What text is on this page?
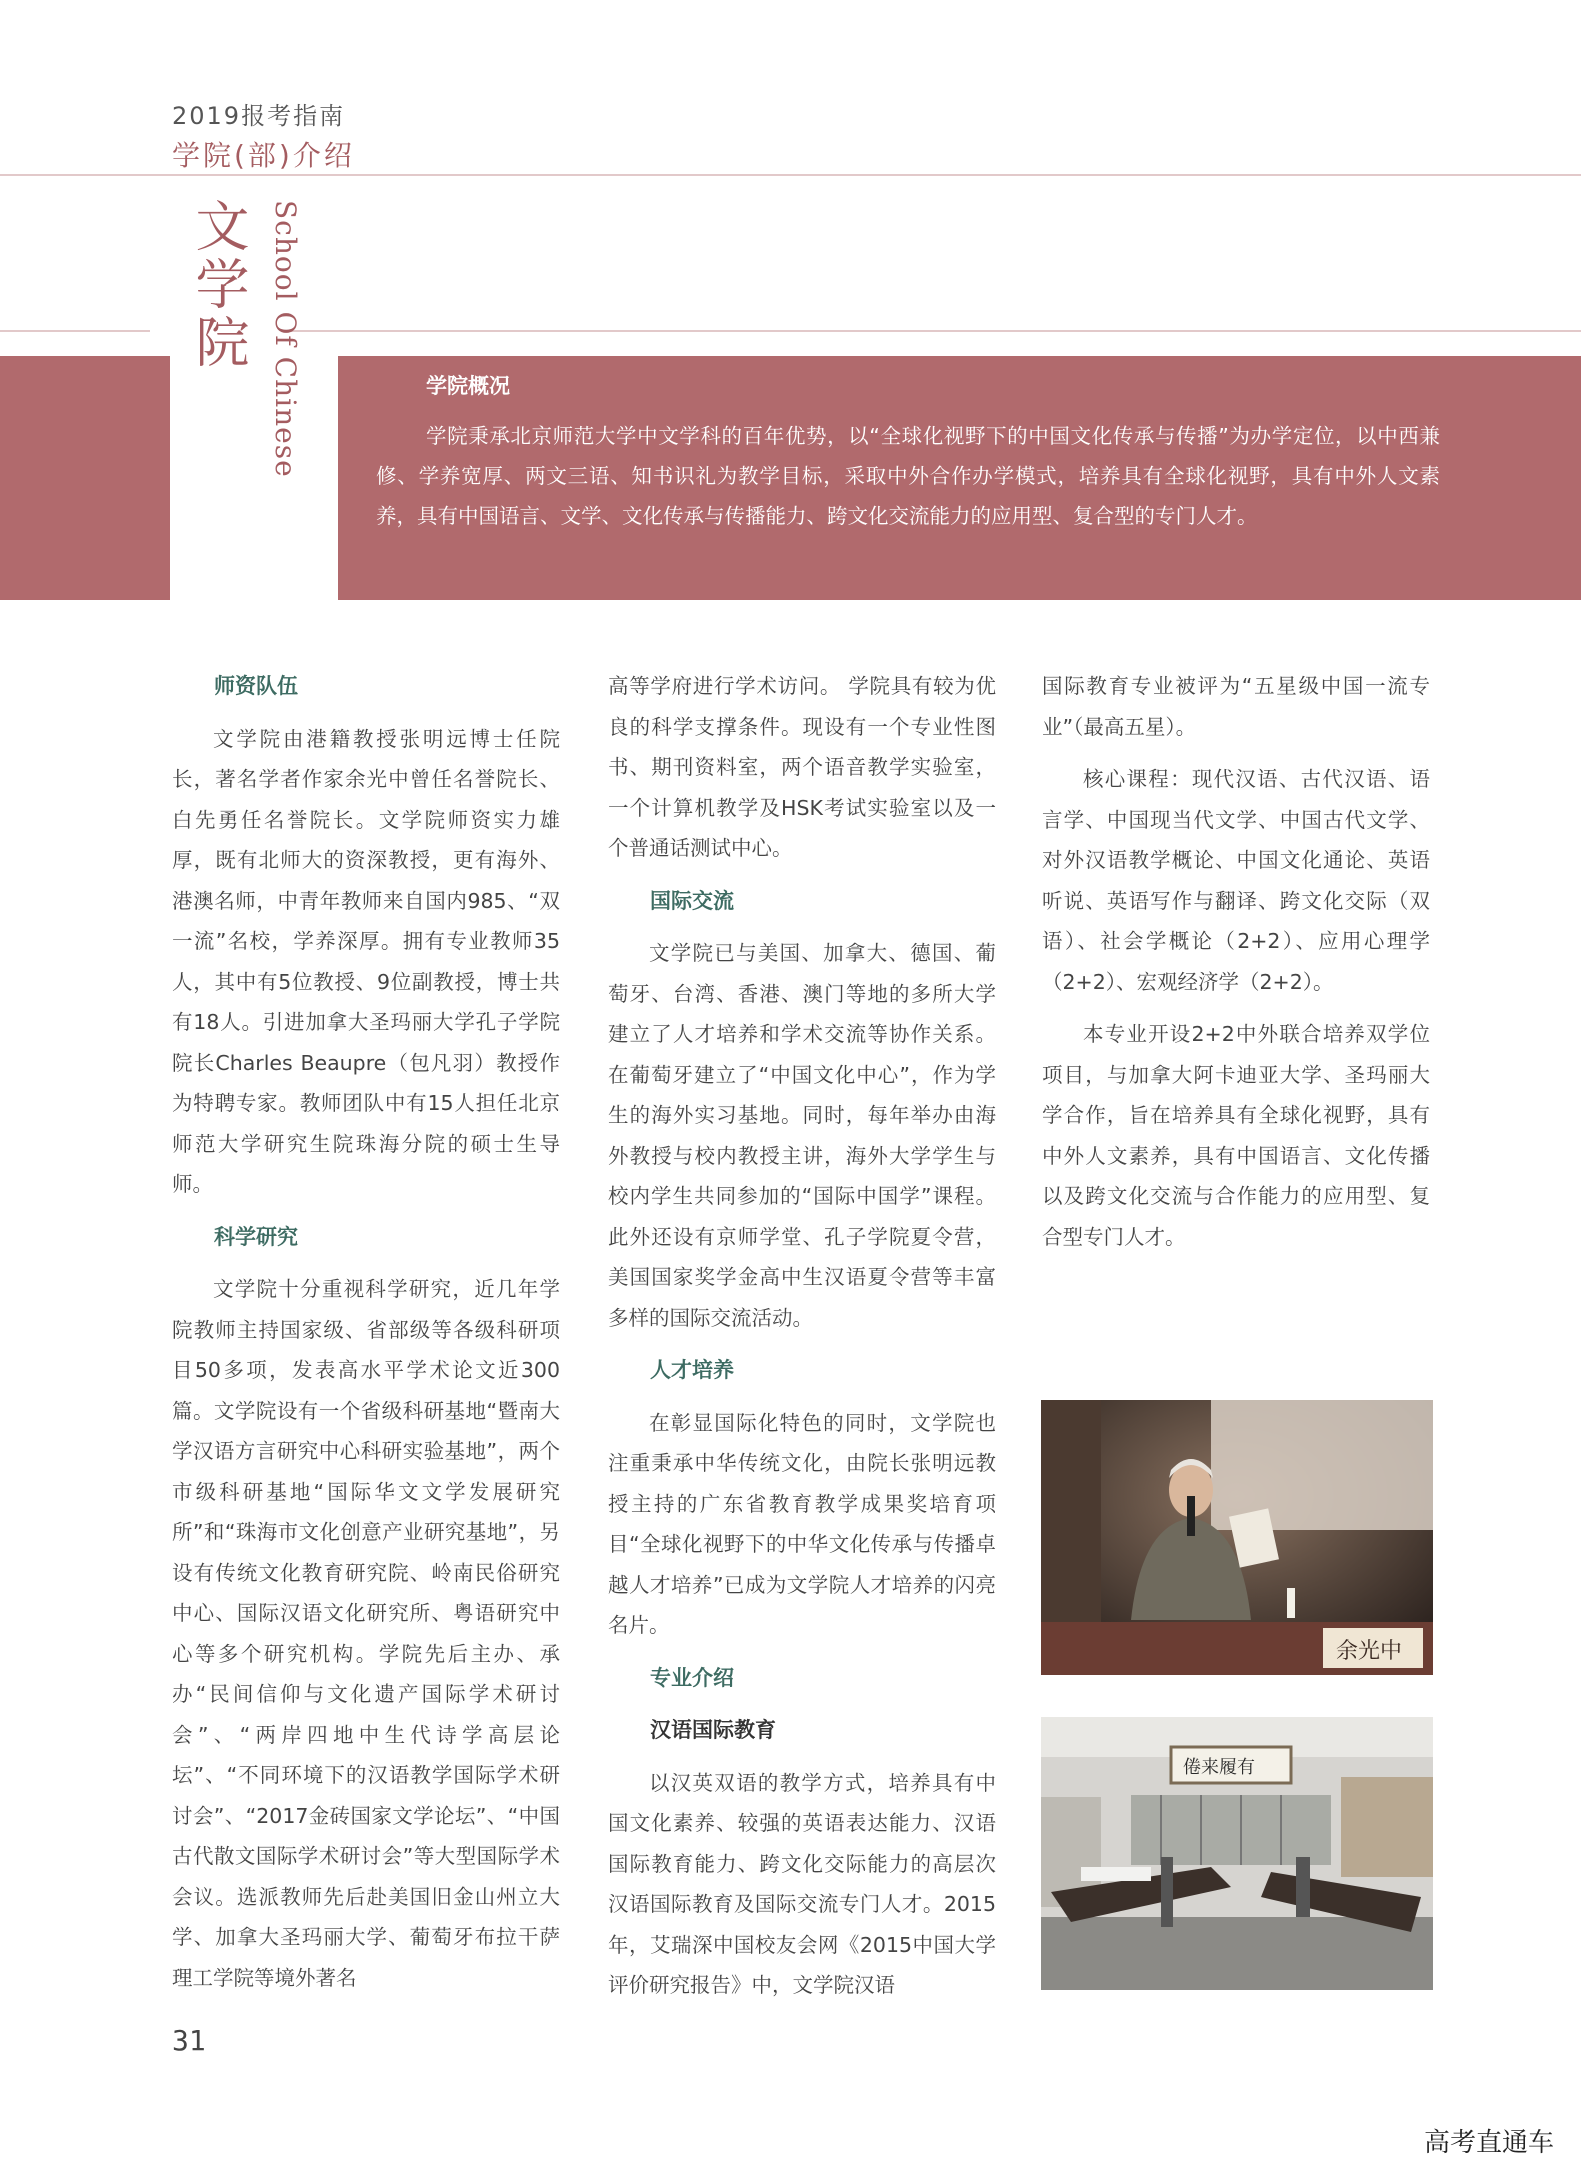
2019报考指南
学院(部)介绍
文学院 School Of Chinese	学院概况
学院秉承北京师范大学中文学科的百年优势，以“全球化视野下的中国文化传承与传播”为办学定位，以中西兼修、学养宽厚、两文三语、知书识礼为教学目标，采取中外合作办学模式，培养具有全球化视野，具有中外人文素养，具有中国语言、文学、文化传承与传播能力、跨文化交流能力的应用型、复合型的专门人才。
师资队伍

文学院由港籍教授张明远博士任院长，著名学者作家余光中曾任名誉院长、白先勇任名誉院长。文学院师资实力雄厚，既有北师大的资深教授，更有海外、港澳名师，中青年教师来自国内985、“双一流”名校，学养深厚。拥有专业教师35人，其中有5位教授、9位副教授，博士共有18人。引进加拿大圣玛丽大学孔子学院院长Charles Beaupre（包凡羽）教授作为特聘专家。教师团队中有15人担任北京师范大学研究生院珠海分院的硕士生导师。

科学研究

文学院十分重视科学研究，近几年学院教师主持国家级、省部级等各级科研项目50多项，发表高水平学术论文近300篇。文学院设有一个省级科研基地“暨南大学汉语方言研究中心科研实验基地”，两个市级科研基地“国际华文文学发展研究所”和“珠海市文化创意产业研究基地”，另设有传统文化教育研究院、岭南民俗研究中心、国际汉语文化研究所、粤语研究中心等多个研究机构。学院先后主办、承办“民间信仰与文化遗产国际学术研讨会”、“两岸四地中生代诗学高层论坛”、“不同环境下的汉语教学国际学术研讨会”、“2017金砖国家文学论坛”、“中国古代散文国际学术研讨会”等大型国际学术会议。选派教师先后赴美国旧金山州立大学、加拿大圣玛丽大学、葡萄牙布拉干萨理工学院等境外著名

高等学府进行学术访问。 学院具有较为优良的科学支撑条件。现设有一个专业性图书、期刊资料室，两个语音教学实验室，一个计算机教学及HSK考试实验室以及一个普通话测试中心。

国际交流

文学院已与美国、加拿大、德国、葡萄牙、台湾、香港、澳门等地的多所大学建立了人才培养和学术交流等协作关系。在葡萄牙建立了“中国文化中心”，作为学生的海外实习基地。同时，每年举办由海外教授与校内教授主讲，海外大学学生与校内学生共同参加的“国际中国学”课程。此外还设有京师学堂、孔子学院夏令营，美国国家奖学金高中生汉语夏令营等丰富多样的国际交流活动。

人才培养

在彰显国际化特色的同时，文学院也注重秉承中华传统文化，由院长张明远教授主持的广东省教育教学成果奖培育项目“全球化视野下的中华文化传承与传播卓越人才培养”已成为文学院人才培养的闪亮名片。

专业介绍
汉语国际教育

以汉英双语的教学方式，培养具有中国文化素养、较强的英语表达能力、汉语国际教育能力、跨文化交际能力的高层次汉语国际教育及国际交流专门人才。2015年，艾瑞深中国校友会网《2015中国大学评价研究报告》中，文学院汉语

国际教育专业被评为“五星级中国一流专业”（最高五星）。

核心课程：现代汉语、古代汉语、语言学、中国现当代文学、中国古代文学、对外汉语教学概论、中国文化通论、英语听说、英语写作与翻译、跨文化交际（双语）、社会学概论（2+2）、应用心理学（2+2）、宏观经济学（2+2）。

本专业开设2+2中外联合培养双学位项目，与加拿大阿卡迪亚大学、圣玛丽大学合作，旨在培养具有全球化视野，具有中外人文素养，具有中国语言、文化传播以及跨文化交流与合作能力的应用型、复合型专门人才。

余光中
倦来履有
31
高考直通车
